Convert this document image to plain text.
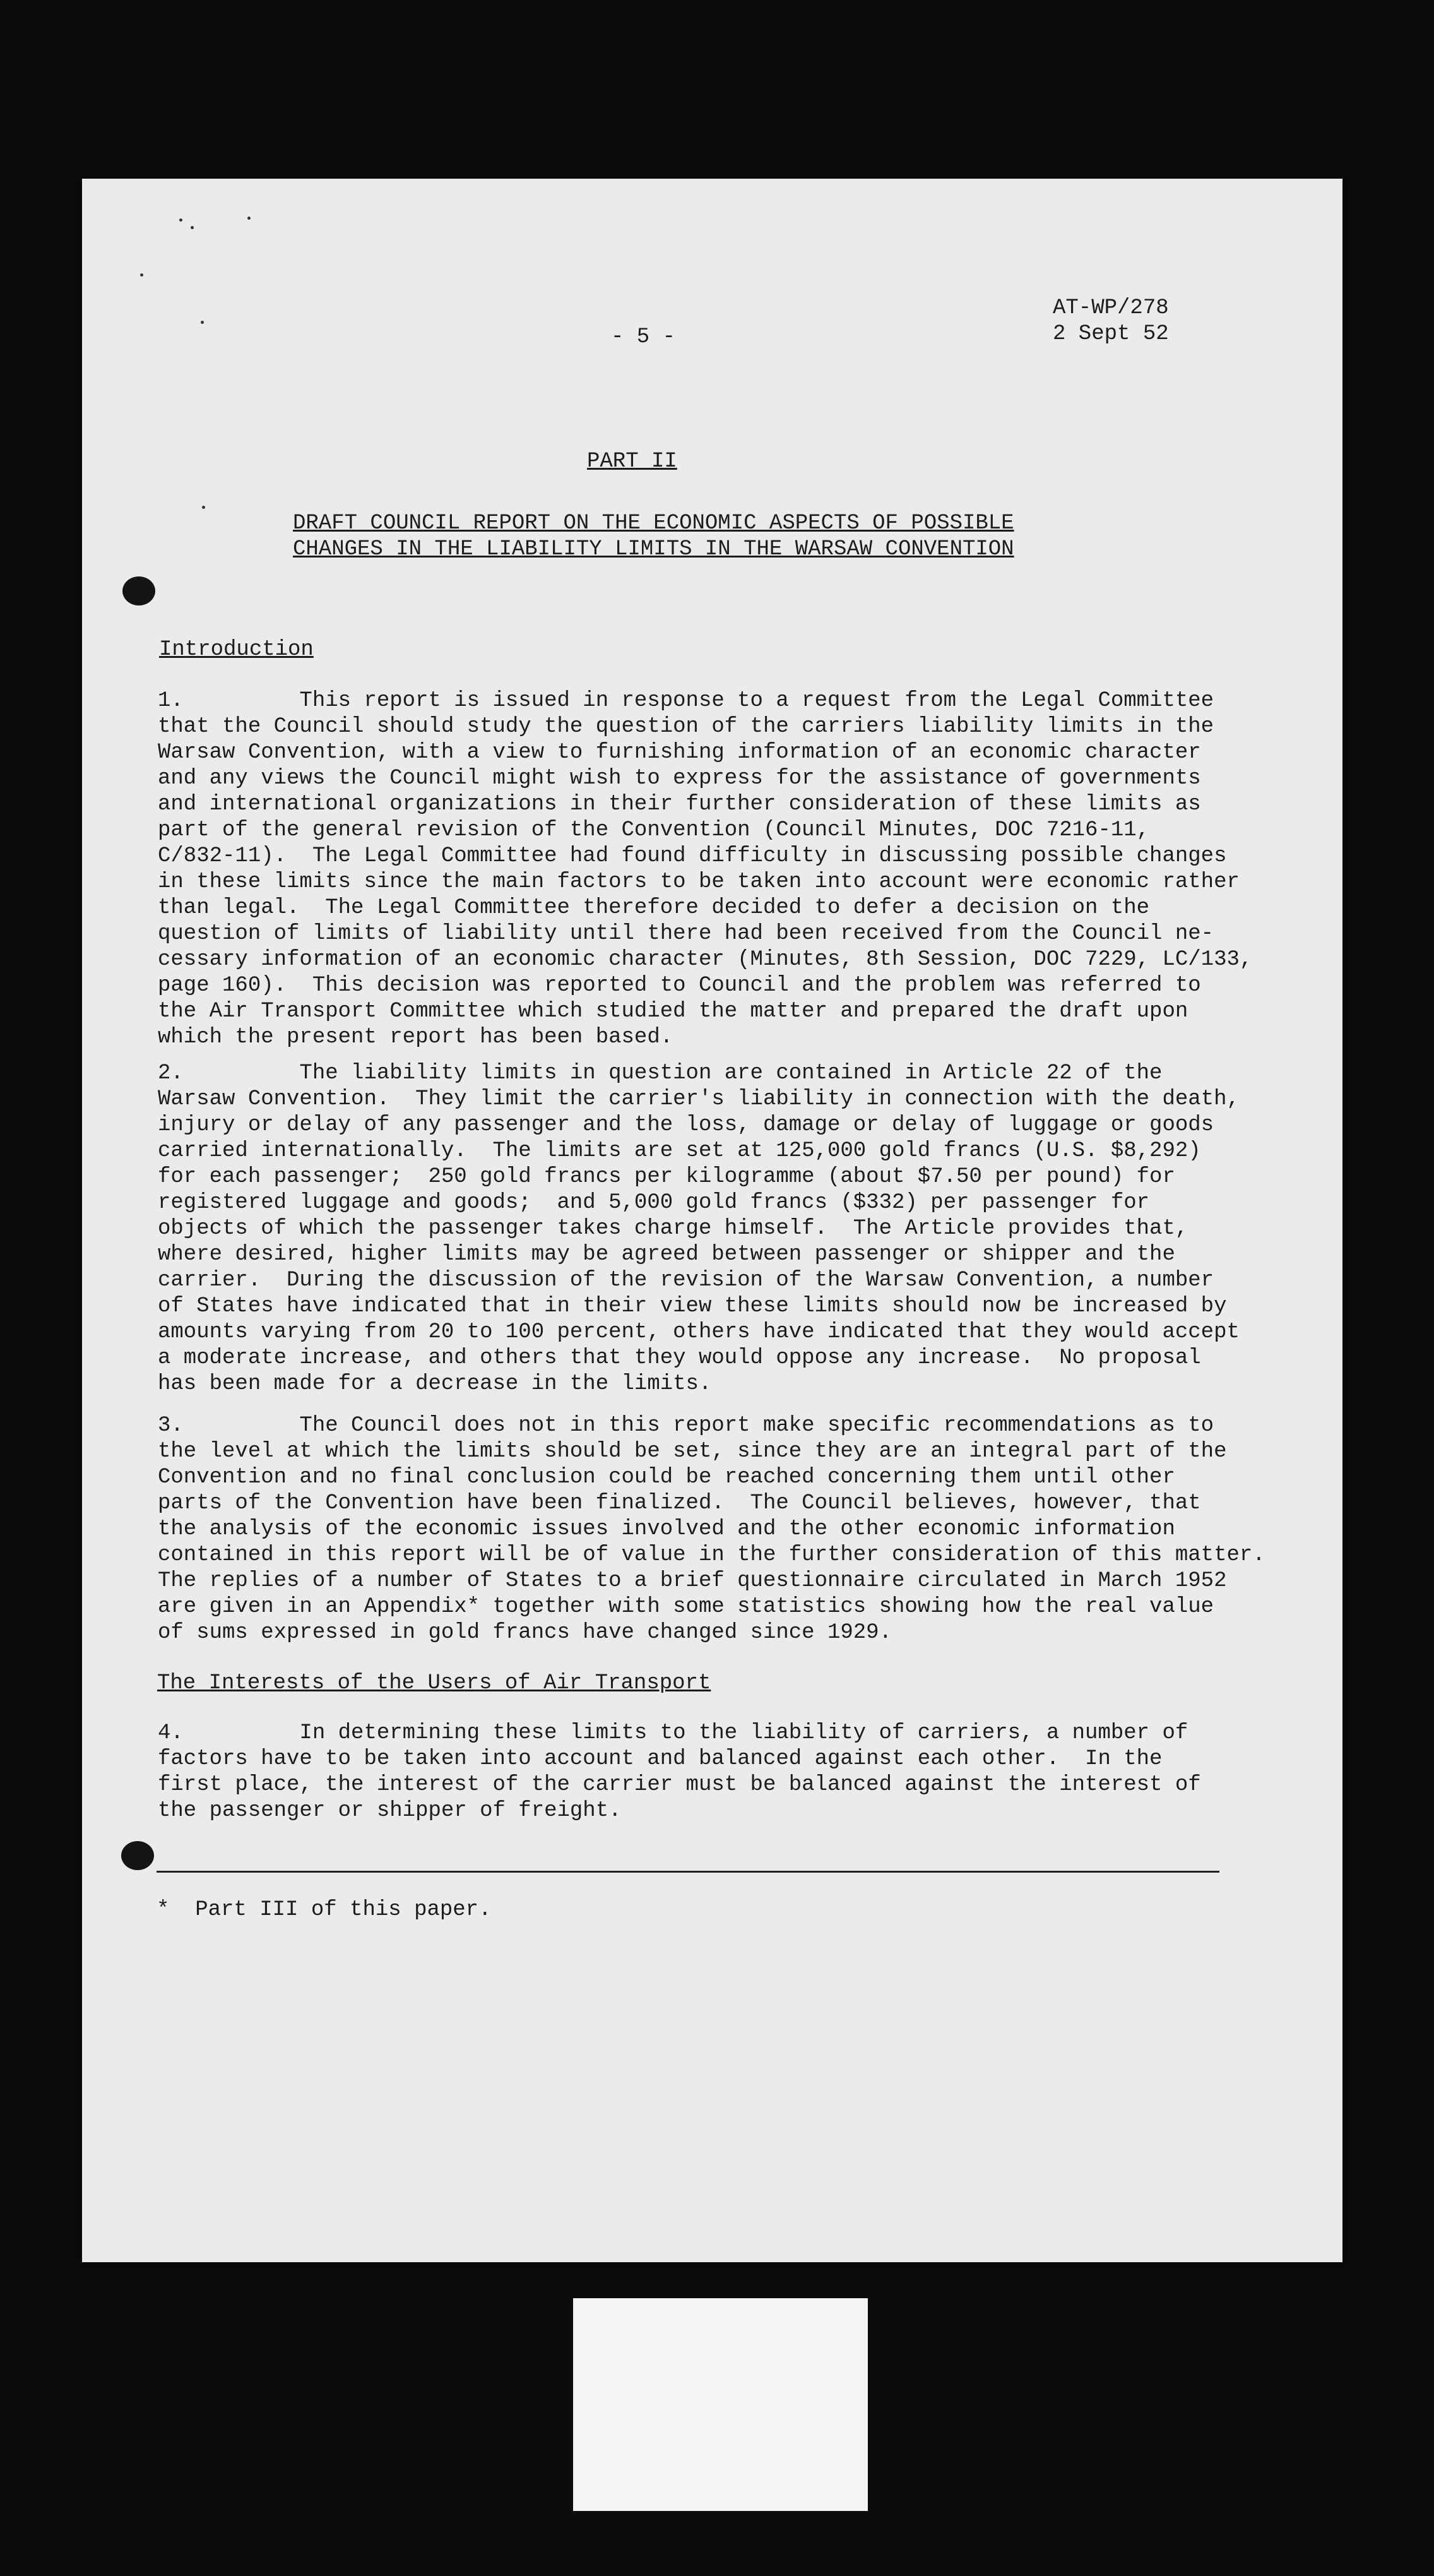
- 5 -
AT-WP/278
2 Sept 52
PART II
DRAFT COUNCIL REPORT ON THE ECONOMIC ASPECTS OF POSSIBLE
CHANGES IN THE LIABILITY LIMITS IN THE WARSAW CONVENTION
Introduction
1.         This report is issued in response to a request from the Legal Committee
that the Council should study the question of the carriers liability limits in the
Warsaw Convention, with a view to furnishing information of an economic character
and any views the Council might wish to express for the assistance of governments
and international organizations in their further consideration of these limits as
part of the general revision of the Convention (Council Minutes, DOC 7216-11,
C/832-11).  The Legal Committee had found difficulty in discussing possible changes
in these limits since the main factors to be taken into account were economic rather
than legal.  The Legal Committee therefore decided to defer a decision on the
question of limits of liability until there had been received from the Council ne-
cessary information of an economic character (Minutes, 8th Session, DOC 7229, LC/133,
page 160).  This decision was reported to Council and the problem was referred to
the Air Transport Committee which studied the matter and prepared the draft upon
which the present report has been based.
2.         The liability limits in question are contained in Article 22 of the
Warsaw Convention.  They limit the carrier's liability in connection with the death,
injury or delay of any passenger and the loss, damage or delay of luggage or goods
carried internationally.  The limits are set at 125,000 gold francs (U.S. $8,292)
for each passenger;  250 gold francs per kilogramme (about $7.50 per pound) for
registered luggage and goods;  and 5,000 gold francs ($332) per passenger for
objects of which the passenger takes charge himself.  The Article provides that,
where desired, higher limits may be agreed between passenger or shipper and the
carrier.  During the discussion of the revision of the Warsaw Convention, a number
of States have indicated that in their view these limits should now be increased by
amounts varying from 20 to 100 percent, others have indicated that they would accept
a moderate increase, and others that they would oppose any increase.  No proposal
has been made for a decrease in the limits.
3.         The Council does not in this report make specific recommendations as to
the level at which the limits should be set, since they are an integral part of the
Convention and no final conclusion could be reached concerning them until other
parts of the Convention have been finalized.  The Council believes, however, that
the analysis of the economic issues involved and the other economic information
contained in this report will be of value in the further consideration of this matter.
The replies of a number of States to a brief questionnaire circulated in March 1952
are given in an Appendix* together with some statistics showing how the real value
of sums expressed in gold francs have changed since 1929.
The Interests of the Users of Air Transport
4.         In determining these limits to the liability of carriers, a number of
factors have to be taken into account and balanced against each other.  In the
first place, the interest of the carrier must be balanced against the interest of
the passenger or shipper of freight.
*  Part III of this paper.
